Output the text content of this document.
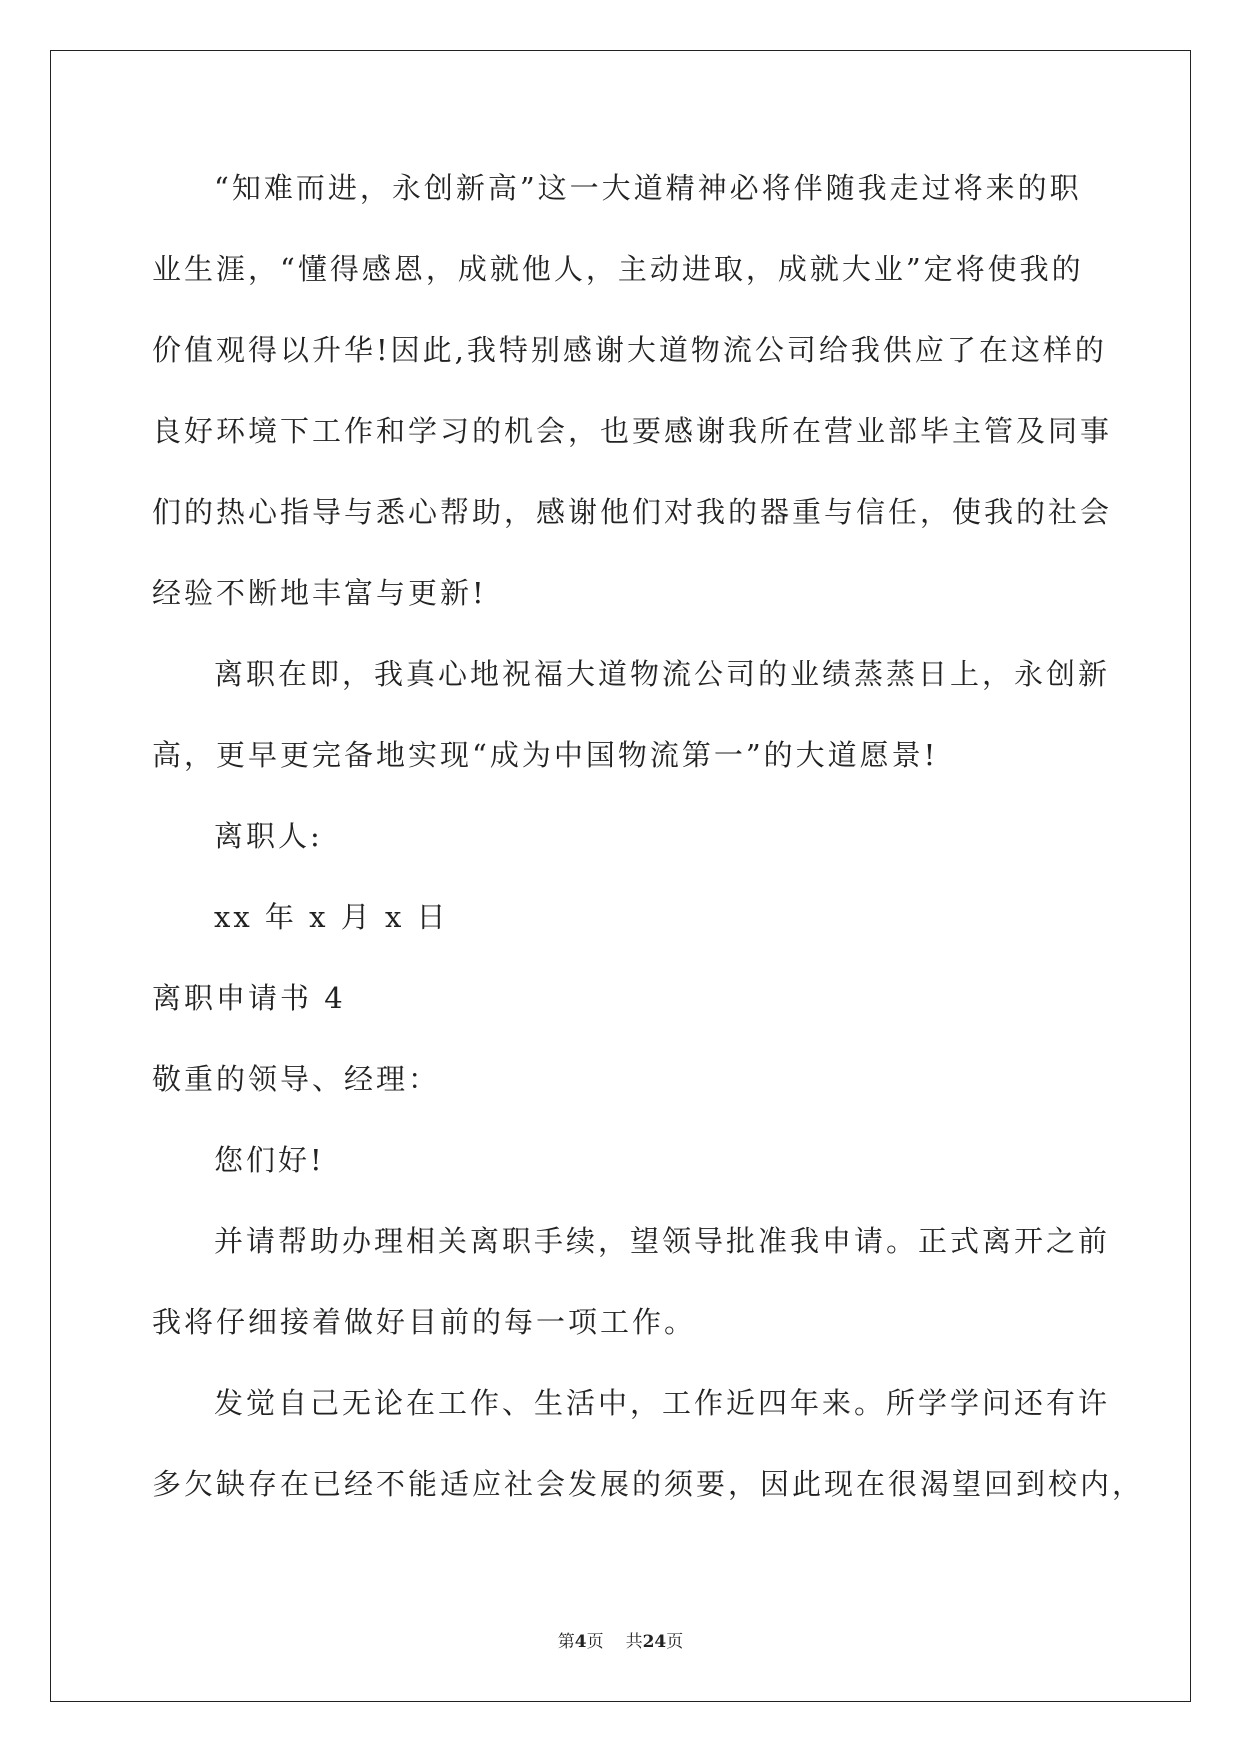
“知难而进，永创新高”这一大道精神必将伴随我走过将来的职
业生涯，“懂得感恩，成就他人，主动进取，成就大业”定将使我的
价值观得以升华!因此,我特别感谢大道物流公司给我供应了在这样的
良好环境下工作和学习的机会，也要感谢我所在营业部毕主管及同事
们的热心指导与悉心帮助，感谢他们对我的器重与信任，使我的社会
经验不断地丰富与更新!
离职在即，我真心地祝福大道物流公司的业绩蒸蒸日上，永创新
高，更早更完备地实现“成为中国物流第一”的大道愿景!
离职人:
xx 年 x 月 x 日
离职申请书 4
敬重的领导、经理：
您们好!
并请帮助办理相关离职手续，望领导批准我申请。正式离开之前
我将仔细接着做好目前的每一项工作。
发觉自己无论在工作、生活中，工作近四年来。所学学问还有许
多欠缺存在已经不能适应社会发展的须要，因此现在很渴望回到校内，
第4页 共24页
